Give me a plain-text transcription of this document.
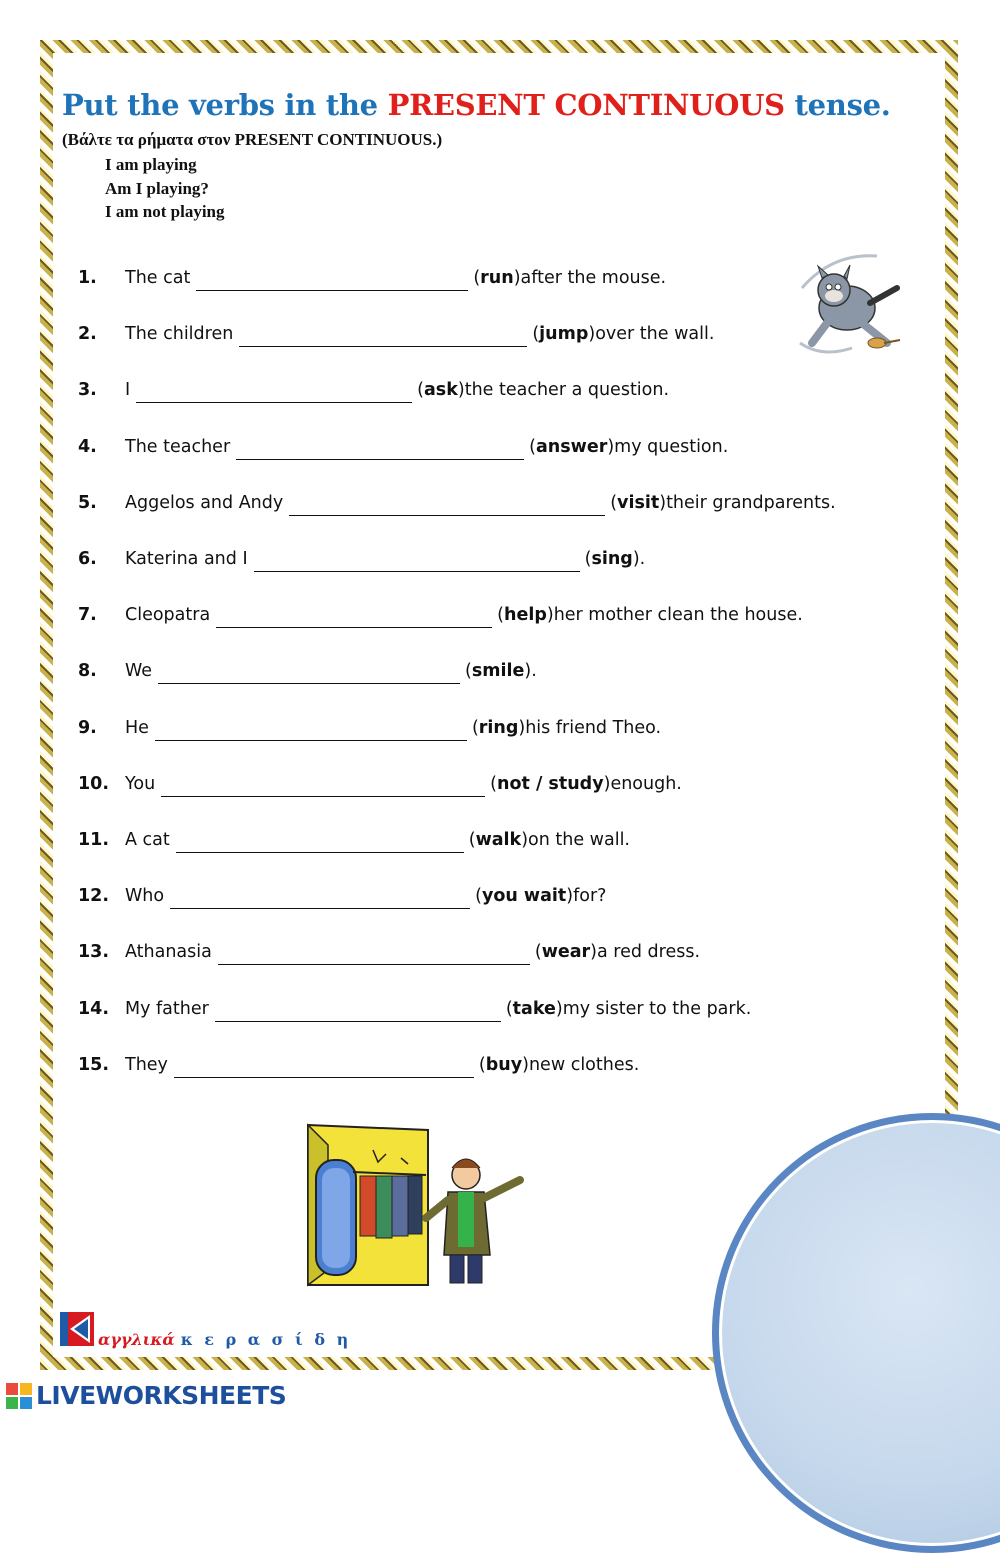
Put the verbs in the PRESENT CONTINUOUS tense.
(Βάλτε τα ρήματα στον PRESENT CONTINUOUS.)
I am playing
Am I playing?
I am not playing
1.	The cat	( run ) after the mouse.
2.	The children	( jump ) over the wall.
3.	I	( ask ) the teacher a question.
4.	The teacher	( answer ) my question.
5.	Aggelos and Andy	( visit ) their grandparents.
6.	Katerina and I	( sing ) .
7.	Cleopatra	( help ) her mother clean the house.
8.	We	( smile ) .
9.	He	( ring ) his friend Theo.
10. You	( not / study ) enough.
11. A cat	( walk ) on the wall.
12. Who	( you wait ) for?
13. Athanasia	( wear ) a red dress.
14. My father	( take ) my sister to the park.
15. They	( buy ) new clothes.
αγγλικά κ ε ρ α σ ί δ η
LIVEWORKSHEETS
